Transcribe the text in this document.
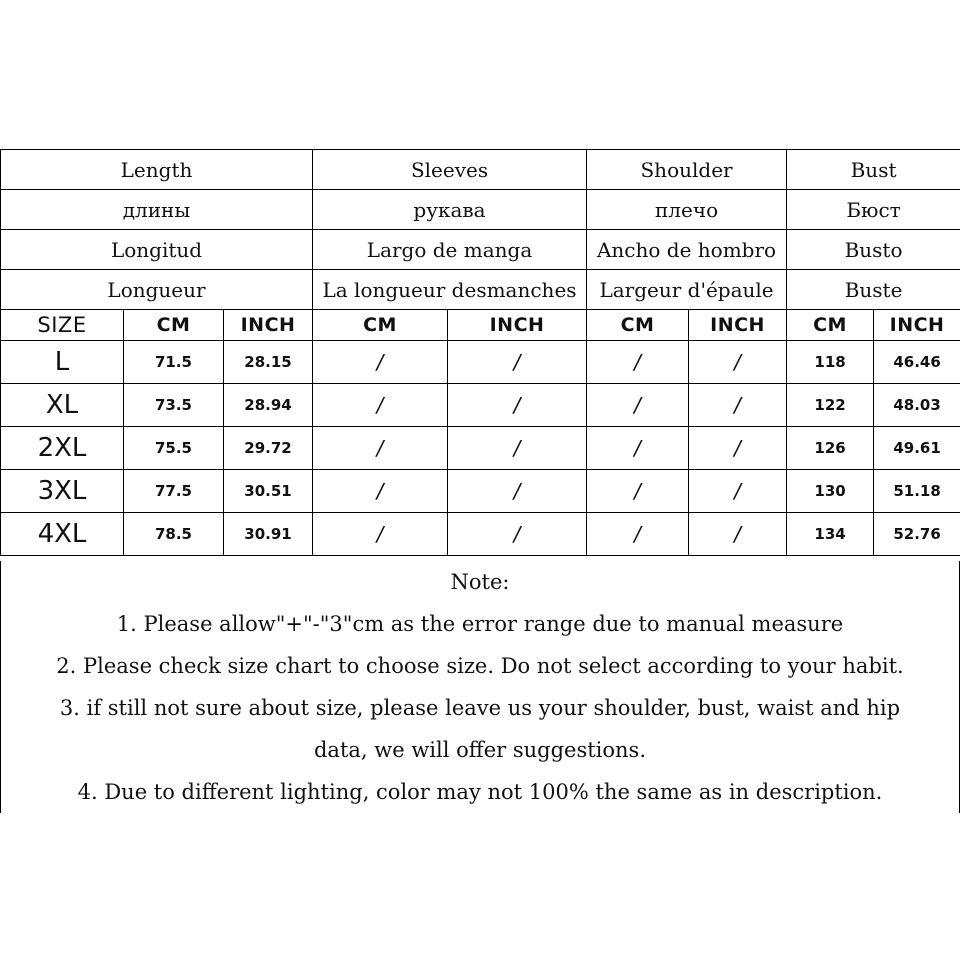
Length			Sleeves		Shoulder		Bust	
длины			рукава		плечо		Бюст	
Longitud			Largo de manga		Ancho de hombro		Busto	
Longueur			La longueur desmanches		Largeur d'épaule		Buste	
SIZE	CM	INCH	CM	INCH	CM	INCH	CM	INCH
L	71.5	28.15	/	/	/	/	118	46.46
XL	73.5	28.94	/	/	/	/	122	48.03
2XL	75.5	29.72	/	/	/	/	126	49.61
3XL	77.5	30.51	/	/	/	/	130	51.18
4XL	78.5	30.91	/	/	/	/	134	52.76
Note:
1. Please allow"+"-"3"cm as the error range due to manual measure
2. Please check size chart to choose size. Do not select according to your habit.
3. if still not sure about size, please leave us your shoulder, bust, waist and hip
data, we will offer suggestions.
4. Due to different lighting, color may not 100% the same as in description.
